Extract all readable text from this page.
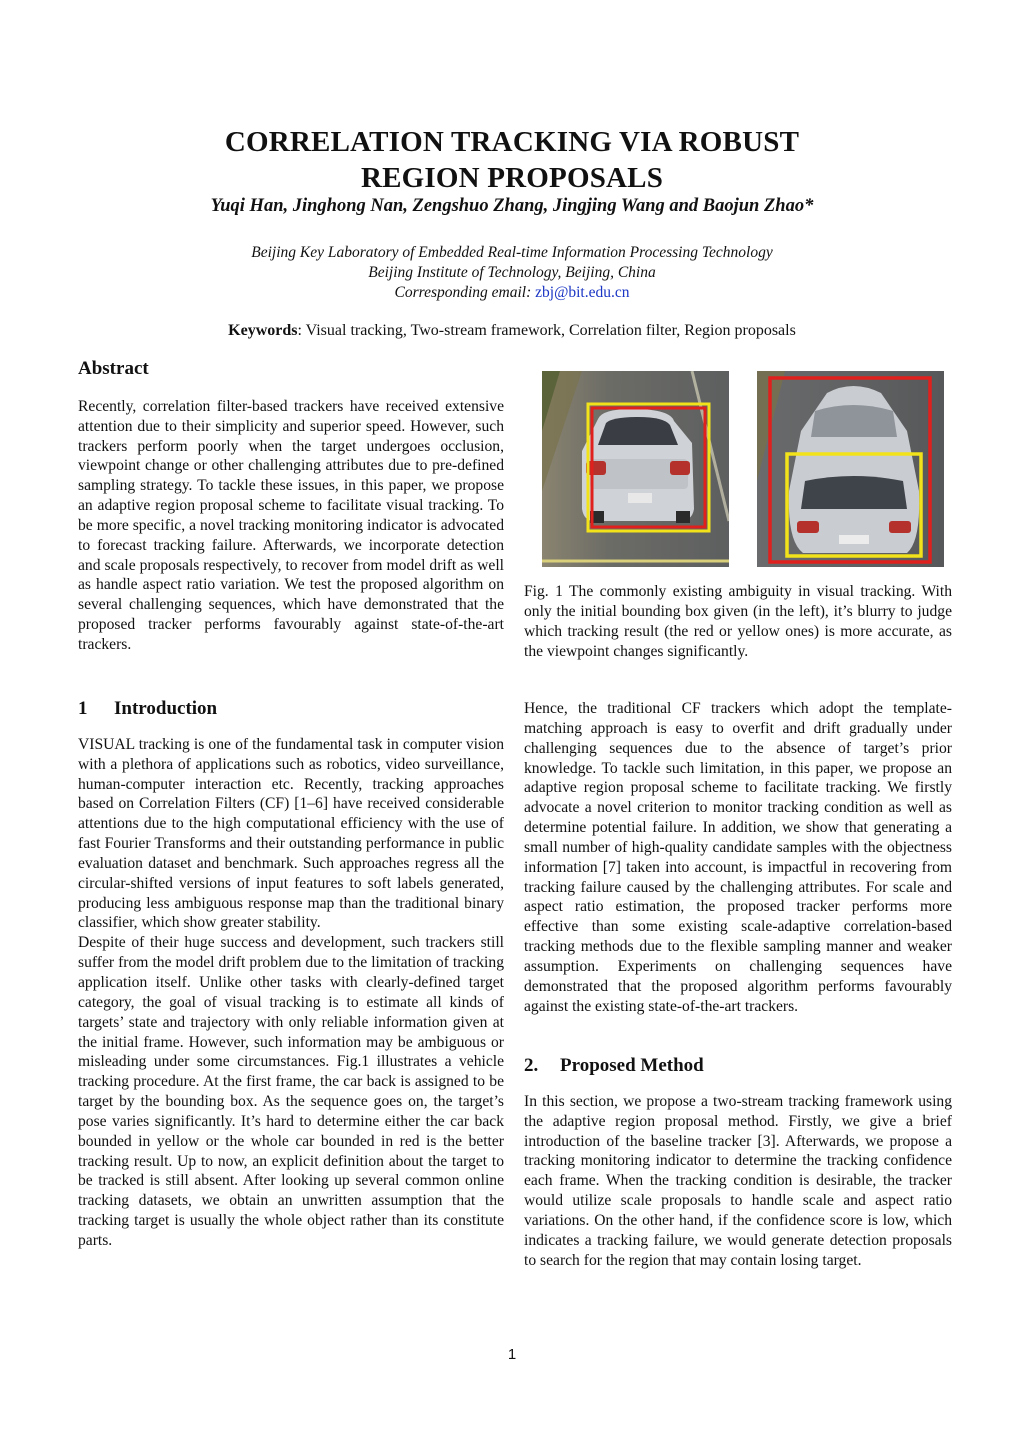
CORRELATION TRACKING VIA ROBUST
REGION PROPOSALS
Yuqi Han, Jinghong Nan, Zengshuo Zhang, Jingjing Wang and Baojun Zhao*
Beijing Key Laboratory of Embedded Real-time Information Processing Technology
Beijing Institute of Technology, Beijing, China
Corresponding email: zbj@bit.edu.cn
Keywords: Visual tracking, Two-stream framework, Correlation filter, Region proposals
Abstract

Recently, correlation filter-based trackers have received extensive attention due to their simplicity and superior speed. However, such trackers perform poorly when the target undergoes occlusion, viewpoint change or other challenging attributes due to pre-defined sampling strategy. To tackle these issues, in this paper, we propose an adaptive region proposal scheme to facilitate visual tracking. To be more specific, a novel tracking monitoring indicator is advocated to forecast tracking failure. Afterwards, we incorporate detection and scale proposals respectively, to recover from model drift as well as handle aspect ratio variation. We test the proposed algorithm on several challenging sequences, which have demonstrated that the proposed tracker performs favourably against state-of-the-art trackers.

1 Introduction

VISUAL tracking is one of the fundamental task in computer vision with a plethora of applications such as robotics, video surveillance, human-computer interaction etc. Recently, tracking approaches based on Correlation Filters (CF) [1–6] have received considerable attentions due to the high computational efficiency with the use of fast Fourier Transforms and their outstanding performance in public evaluation dataset and benchmark. Such approaches regress all the circular-shifted versions of input features to soft labels generated, producing less ambiguous response map than the traditional binary classifier, which show greater stability.

Despite of their huge success and development, such trackers still suffer from the model drift problem due to the limitation of tracking application itself. Unlike other tasks with clearly-defined target category, the goal of visual tracking is to estimate all kinds of targets’ state and trajectory with only reliable information given at the initial frame. However, such information may be ambiguous or misleading under some circumstances. Fig.1 illustrates a vehicle tracking procedure. At the first frame, the car back is assigned to be target by the bounding box. As the sequence goes on, the target’s pose varies significantly. It’s hard to determine either the car back bounded in yellow or the whole car bounded in red is the better tracking result. Up to now, an explicit definition about the target to be tracked is still absent. After looking up several common online tracking datasets, we obtain an unwritten assumption that the tracking target is usually the whole object rather than its constitute parts.

Fig. 1 The commonly existing ambiguity in visual tracking. With only the initial bounding box given (in the left), it’s blurry to judge which tracking result (the red or yellow ones) is more accurate, as the viewpoint changes significantly.

Hence, the traditional CF trackers which adopt the template-matching approach is easy to overfit and drift gradually under challenging sequences due to the absence of target’s prior knowledge. To tackle such limitation, in this paper, we propose an adaptive region proposal scheme to facilitate tracking. We firstly advocate a novel criterion to monitor tracking condition as well as determine potential failure. In addition, we show that generating a small number of high-quality candidate samples with the objectness information [7] taken into account, is impactful in recovering from tracking failure caused by the challenging attributes. For scale and aspect ratio estimation, the proposed tracker performs more effective than some existing scale-adaptive correlation-based tracking methods due to the flexible sampling manner and weaker assumption. Experiments on challenging sequences have demonstrated that the proposed algorithm performs favourably against the existing state-of-the-art trackers.

2. Proposed Method

In this section, we propose a two-stream tracking framework using the adaptive region proposal method. Firstly, we give a brief introduction of the baseline tracker [3]. Afterwards, we propose a tracking monitoring indicator to determine the tracking confidence each frame. When the tracking condition is desirable, the tracker would utilize scale proposals to handle scale and aspect ratio variations. On the other hand, if the confidence score is low, which indicates a tracking failure, we would generate detection proposals to search for the region that may contain losing target.

1
